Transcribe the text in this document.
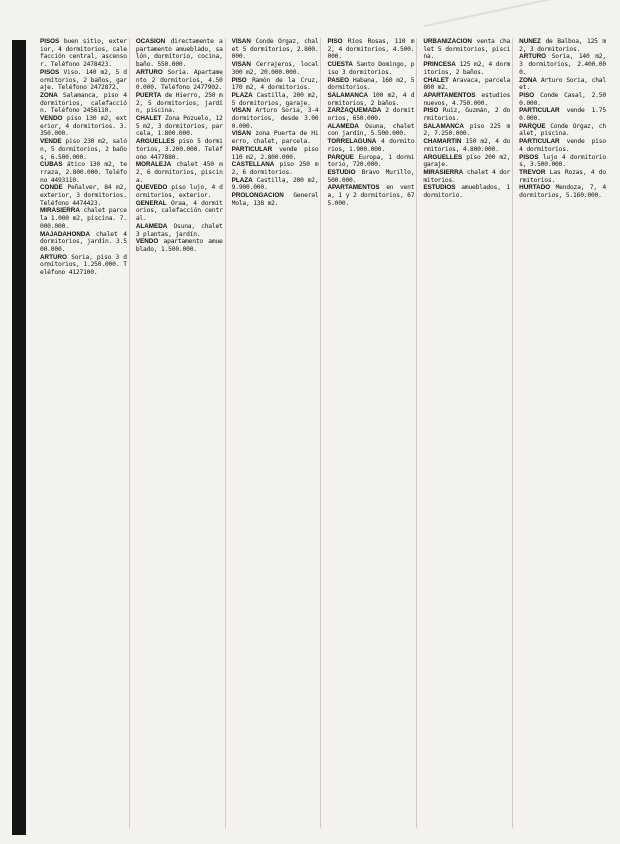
PISOS buen sitio, exterior, 4 dormitorios, calefacción central, ascensor. Teléfono 2478423.

PISOS Viso. 140 m2, 5 dormitorios, 2 baños, garaje. Teléfono 2472872.

ZONA Salamanca, piso 4 dormitorios, calefacción. Teléfono 2456110.

VENDO piso 130 m2, exterior, 4 dormitorios. 3.350.000.

VENDE piso 230 m2, salón, 5 dormitorios, 2 baños, 6.500.000.

CUBAS ático 130 m2, terraza, 2.800.000. Teléfono 4493110.

CONDE Peñalver, 84 m2, exterior, 3 dormitorios. Teléfono 4474423.

MIRASIERRA chalet parcela 1.000 m2, piscina. 7.000.000.

MAJADAHONDA chalet 4 dormitorios, jardín. 3.500.000.

ARTURO Soria, piso 3 dormitorios, 1.250.000. Teléfono 4127100.

OCASION directamente apartamento amueblado, salón, dormitorio, cocina, baño. 550.000.

ARTURO Soria. Apartamento 2 dormitorios, 4.500.000. Teléfono 2477902.

PUERTA de Hierro, 250 m2, 5 dormitorios, jardín, piscina.

CHALET Zona Pozuelo, 125 m2, 3 dormitorios, parcela, 1.800.000.

ARGUELLES piso 5 dormitorios, 3.200.000. Teléfono 4477880.

MORALEJA chalet 450 m2, 6 dormitorios, piscina.

QUEVEDO piso lujo, 4 dormitorios, exterior.

GENERAL Oraa, 4 dormitorios, calefacción central.

ALAMEDA Osuna, chalet 3 plantas, jardín.

VENDO apartamento amueblado, 1.500.000.

VISAN Conde Orgaz, chalet 5 dormitorios, 2.800.000.

VISAN Cerrajeros, local 300 m2, 20.000.000.

PISO Ramón de la Cruz, 170 m2, 4 dormitorios.

PLAZA Castilla, 200 m2, 5 dormitorios, garaje.

VISAN Arturo Soria, 3-4 dormitorios, desde 3.000.000.

VISAN zona Puerta de Hierro, chalet, parcela.

PARTICULAR vende piso 110 m2, 2.800.000.

CASTELLANA piso 250 m2, 6 dormitorios.

PLAZA Castilla, 200 m2, 9.900.000.

PROLONGACION General Mola, 138 m2.

PISO Ríos Rosas, 110 m2, 4 dormitorios, 4.500.000.

CUESTA Santo Domingo, piso 3 dormitorios.

PASEO Habana, 160 m2, 5 dormitorios.

SALAMANCA 100 m2, 4 dormitorios, 2 baños.

ZARZAQUEMADA 2 dormitorios, 650.000.

ALAMEDA Osuna, chalet con jardín, 5.500.000.

TORRELAGUNA 4 dormitorios, 1.900.000.

PARQUE Europa, 1 dormitorio, 720.000.

ESTUDIO Bravo Murillo, 500.000.

APARTAMENTOS en venta, 1 y 2 dormitorios, 675.000.

URBANIZACION venta chalet 5 dormitorios, piscina.

PRINCESA 125 m2, 4 dormitorios, 2 baños.

CHALET Aravaca, parcela 800 m2.

APARTAMENTOS estudios nuevos, 4.750.000.

PISO Ruiz, Guzmán, 2 dormitorios.

SALAMANCA piso 225 m2, 7.250.000.

CHAMARTIN 150 m2, 4 dormitorios, 4.800.000.

ARGUELLES piso 200 m2, garaje.

MIRASIERRA chalet 4 dormitorios.

ESTUDIOS amueblados, 1 dormitorio.

NUÑEZ de Balboa, 125 m2, 3 dormitorios.

ARTURO Soria, 140 m2, 3 dormitorios, 2.400.000.

ZONA Arturo Soria, chalet.

PISO Conde Casal, 2.500.000.

PARTICULAR vende 1.750.000.

PARQUE Conde Orgaz, chalet, piscina.

PARTICULAR vende piso 4 dormitorios.

PISOS lujo 4 dormitorios, 3.500.000.

TREVOR Las Rozas, 4 dormitorios.

HURTADO Mendoza, 7, 4 dormitorios, 5.160.000.
